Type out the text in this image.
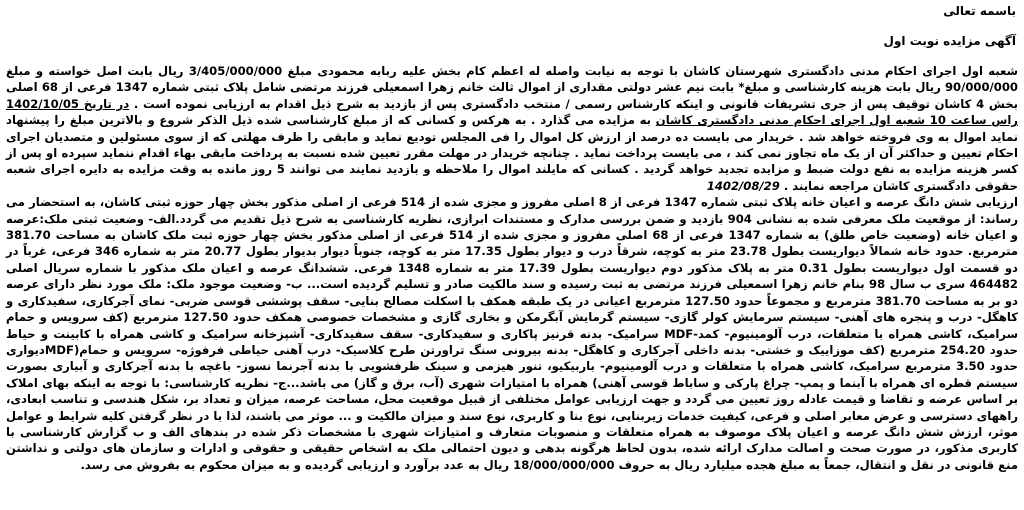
باسمه تعالی
آگهی مزایده نوبت اول

شعبه اول اجرای احکام مدنی دادگستری شهرستان کاشان با توجه به نیابت واصله له اعظم کام بخش علیه ربابه محمودی مبلغ 3/405/000/000 ریال بابت اصل خواسته و مبلغ 90/000/000 ریال بابت هزینه کارشناسی و مبلغ* بابت نیم عشر دولتی مقداری از اموال ثالث خانم زهرا اسمعیلی فرزند مرتضی شامل پلاک ثبتی شماره 1347 فرعی از 68 اصلی بخش 4 کاشان توقیف پس از جری تشریفات قانونی و اینکه کارشناس رسمی / منتخب دادگستری پس از بازدید به شرح ذیل اقدام به ارزیابی نموده است . در تاریخ 1402/10/05 راس ساعت 10 شعبه اول اجرای احکام مدنی دادگستری کاشان به مزایده می گذارد . به هرکس و کسانی که از مبلغ کارشناسی شده ذیل الذکر شروع و بالاترین مبلغ را پیشنهاد نماید اموال به وی فروخته خواهد شد . خریدار می بایست ده درصد از ارزش کل اموال را فی المجلس تودیع نماید و مابقی را ظرف مهلتی که از سوی مسئولین و متصدیان اجرای احکام تعیین و حداکثر آن از یک ماه تجاوز نمی کند ، می بایست پرداخت نماید . چنانچه خریدار در مهلت مقرر تعیین شده نسبت به پرداخت مابقی بهاء اقدام ننماید سپرده او پس از کسر هزینه مزایده به نفع دولت ضبط و مزایده تجدید خواهد گردید . کسانی که مایلند اموال را ملاحظه و بازدید نمایند می توانند 5 روز مانده به وقت مزایده به دایره اجرای شعبه حقوقی دادگستری کاشان مراجعه نمایند . 1402/08/29

ارزیابی شش دانگ عرصه و اعیان خانه پلاک ثبتی شماره 1347 فرعی از 8 اصلی مفروز و مجزی شده از 514 فرعی از اصلی مذکور بخش چهار حوزه ثبتی کاشان، به استحضار می رساند: از موقعیت ملک معرفی شده به نشانی 904 بازدید و ضمن بررسی مدارک و مستندات ابرازی، نظریه کارشناسی به شرح ذیل تقدیم می گردد.الف- وضعیت ثبتی ملک:عرصه و اعیان خانه (وضعیت خاص طلق) به شماره 1347 فرعی از 68 اصلی مفروز و مجزی شده از 514 فرعی از اصلی مذکور بخش چهار حوزه ثبت ملک کاشان به مساحت 381.70 مترمربع. حدود خانه شمالاً دیواریست بطول 23.78 متر به کوچه، شرقاً درب و دیوار بطول 17.35 متر به کوچه، جنوباً دیوار بدیوار بطول 20.77 متر به شماره 346 فرعی، غرباً در دو قسمت اول دیواریست بطول 0.31 متر به پلاک مذکور دوم دیواریست بطول 17.39 متر به شماره 1348 فرعی. ششدانگ عرصه و اعیان ملک مذکور با شماره سریال اصلی 464482 سری ب سال 98 بنام خانم زهرا اسمعیلی فرزند مرتضی به ثبت رسیده و سند مالکیت صادر و تسلیم گردیده است... ب- وضعیت موجود ملک: ملک مورد نظر دارای عرصه دو بر به مساحت 381.70 مترمربع و مجموعاً حدود 127.50 مترمربع اعیانی در یک طبقه همکف با اسکلت مصالح بنایی- سقف پوششی قوسی ضربی- نمای آجرکاری، سفیدکاری و کاهگل- درب و پنجره های آهنی- سیستم سرمایش کولر گازی- سیستم گرمایش آبگرمکن و بخاری گازی و مشخصات خصوصی همکف حدود 127.50 مترمربع (کف سرویس و حمام سرامیک، کاشی همراه با متعلقات، درب آلومینیوم- کمد-MDF سرامیک- بدنه قرنیز پاکاری و سفیدکاری- سقف سفیدکاری- آشپزخانه سرامیک و کاشی همراه با کابینت و حیاط حدود 254.20 مترمربع (کف موزاییک و خشتی- بدنه داخلی آجرکاری و کاهگل- بدنه بیرونی سنگ تراورتن طرح کلاسیک- درب آهنی حیاطی فرفوژه- سرویس و حمام(MDFدیواری حدود 3.50 مترمربع سرامیک، کاشی همراه با متعلقات و درب آلومینیوم- باربیکیو، تنور هیزمی و سینک ظرفشویی با بدنه آجرنما نسوز- باغچه با بدنه آجرکاری و آبیاری بصورت سیستم قطره ای همراه با آبنما و پمپ- چراغ پارکی و ساباط قوسی آهنی) همراه با امتیازات شهری (آب، برق و گاز) می باشد...ج- نظریه کارشناسی: با توجه به اینکه بهای املاک بر اساس عرضه و تقاضا و قیمت عادله روز تعیین می گردد و جهت ارزیابی عوامل مختلفی از قبیل موقعیت محل، مساحت عرصه، میزان و تعداد بر، شکل هندسی و تناسب ابعادی، راههای دسترسی و عرض معابر اصلی و فرعی، کیفیت خدمات زیربنایی، نوع بنا و کاربری، نوع سند و میزان مالکیت و ... موثر می باشند، لذا با در نظر گرفتن کلیه شرایط و عوامل موثر، ارزش شش دانگ عرصه و اعیان پلاک موصوف به همراه متعلقات و منصوبات متعارف و امتیازات شهری با مشخصات ذکر شده در بندهای الف و ب گزارش کارشناسی با کاربری مذکور، در صورت صحت و اصالت مدارک ارائه شده، بدون لحاظ هرگونه بدهی و دیون احتمالی ملک به اشخاص حقیقی و حقوقی و ادارات و سازمان های دولتی و نداشتن منع قانونی در نقل و انتقال، جمعاً به مبلغ هجده میلیارد ریال به حروف 18/000/000/000 ریال به عدد برآورد و ارزیابی گردیده و به میزان محکوم به بفروش می رسد.
